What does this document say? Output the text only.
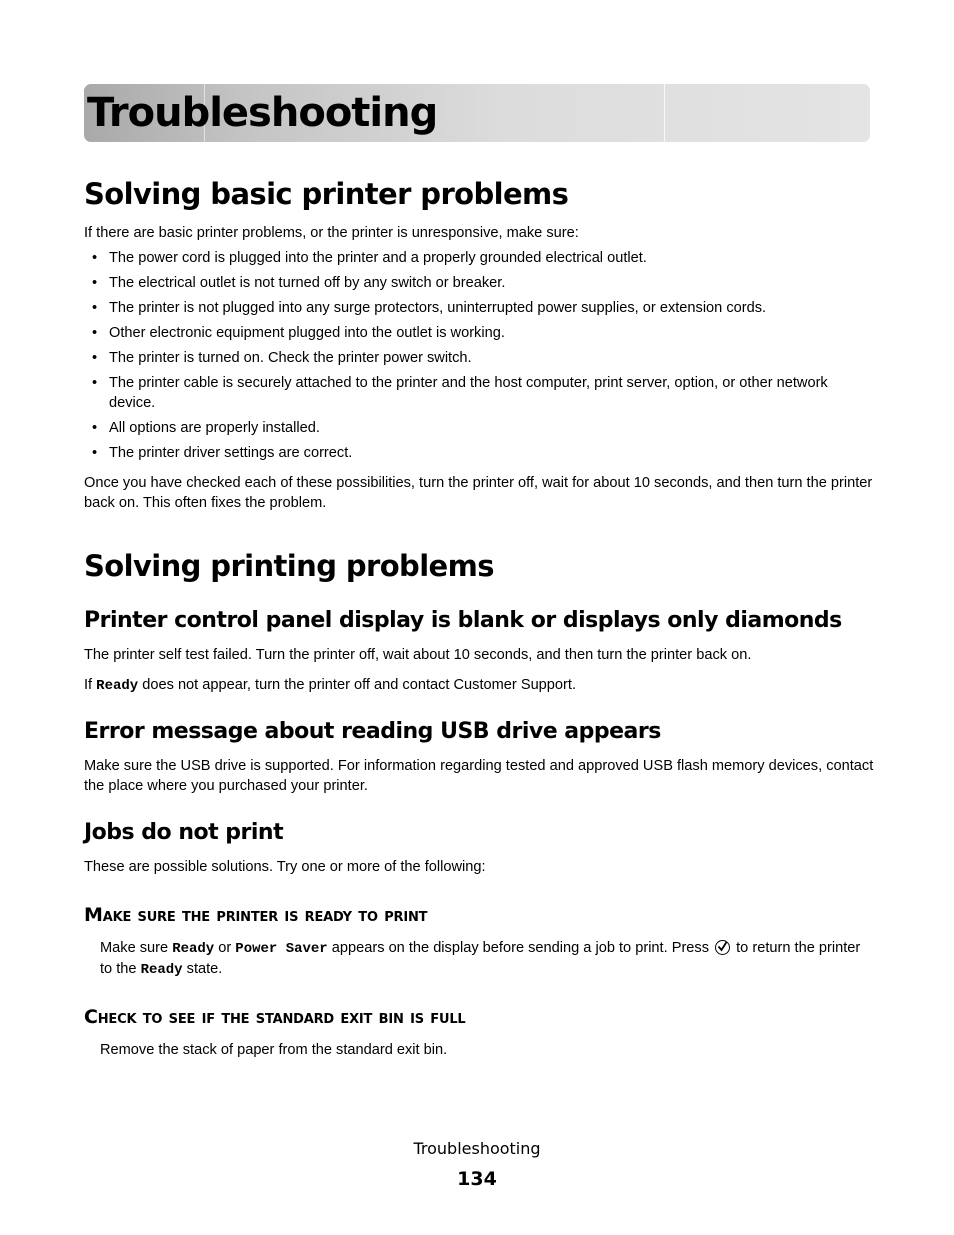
Troubleshooting
Solving basic printer problems

If there are basic printer problems, or the printer is unresponsive, make sure:

• The power cord is plugged into the printer and a properly grounded electrical outlet.
• The electrical outlet is not turned off by any switch or breaker.
• The printer is not plugged into any surge protectors, uninterrupted power supplies, or extension cords.
• Other electronic equipment plugged into the outlet is working.
• The printer is turned on. Check the printer power switch.
• The printer cable is securely attached to the printer and the host computer, print server, option, or other network device.
• All options are properly installed.
• The printer driver settings are correct.

Once you have checked each of these possibilities, turn the printer off, wait for about 10 seconds, and then turn the printer back on. This often fixes the problem.

Solving printing problems
Printer control panel display is blank or displays only diamonds

The printer self test failed. Turn the printer off, wait about 10 seconds, and then turn the printer back on.

If Ready does not appear, turn the printer off and contact Customer Support.

Error message about reading USB drive appears

Make sure the USB drive is supported. For information regarding tested and approved USB flash memory devices, contact the place where you purchased your printer.

Jobs do not print

These are possible solutions. Try one or more of the following:

Make sure the printer is ready to print

Make sure Ready or Power Saver appears on the display before sending a job to print. Press
to return the printer to the Ready state.

Check to see if the standard exit bin is full

Remove the stack of paper from the standard exit bin.

Troubleshooting
134
